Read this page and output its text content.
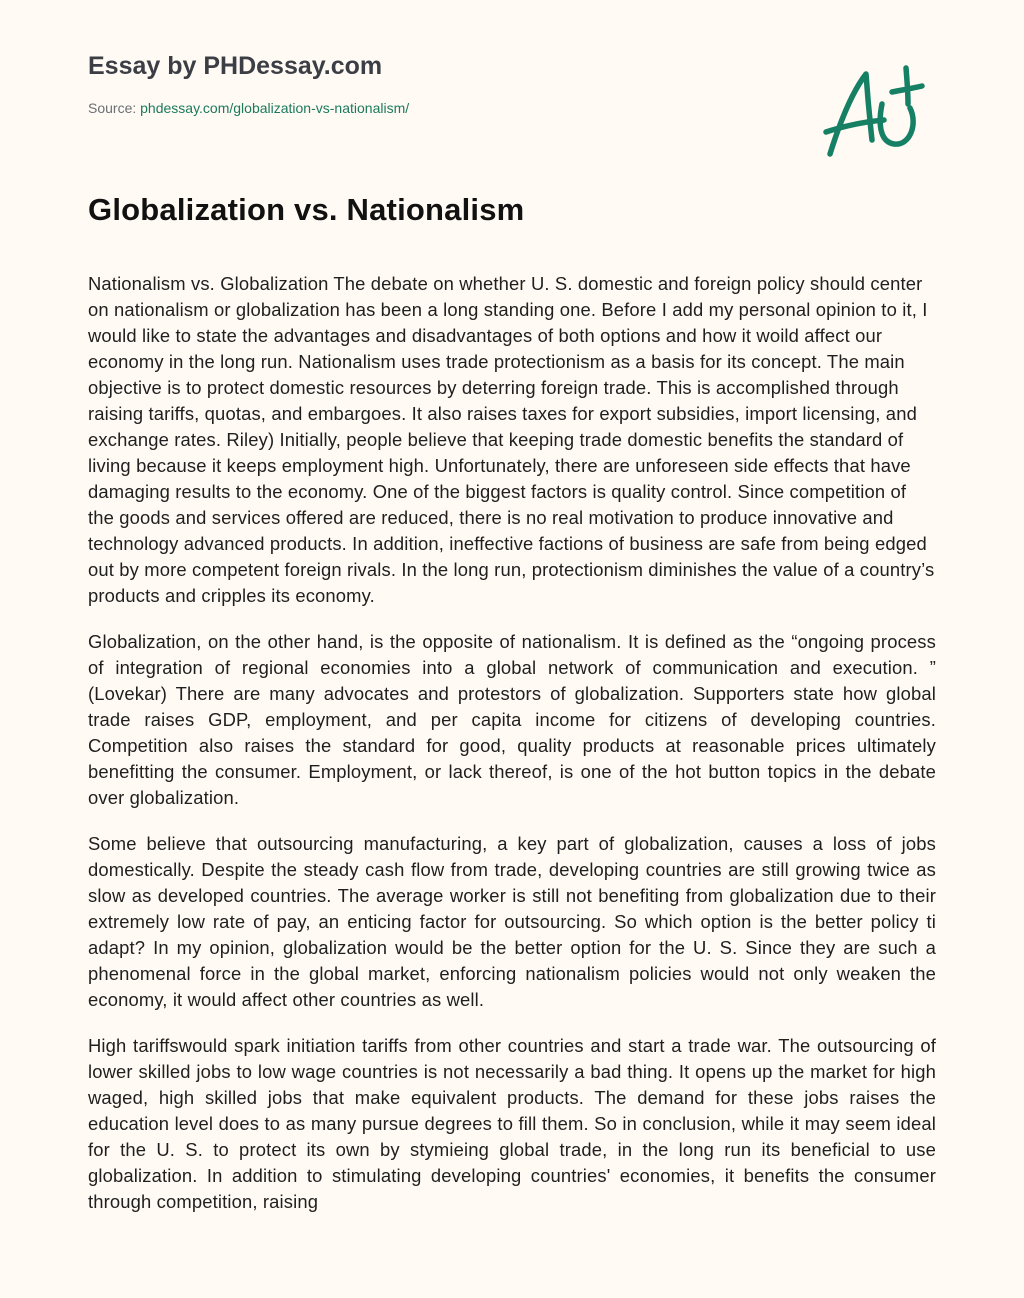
Essay by PHDessay.com
Source: phdessay.com/globalization-vs-nationalism/
Globalization vs. Nationalism

Nationalism vs. Globalization The debate on whether U. S. domestic and foreign policy should center on nationalism or globalization has been a long standing one. Before I add my personal opinion to it, I would like to state the advantages and disadvantages of both options and how it woild affect our economy in the long run. Nationalism uses trade protectionism as a basis for its concept. The main objective is to protect domestic resources by deterring foreign trade. This is accomplished through raising tariffs, quotas, and embargoes. It also raises taxes for export subsidies, import licensing, and exchange rates. Riley) Initially, people believe that keeping trade domestic benefits the standard of living because it keeps employment high. Unfortunately, there are unforeseen side effects that have damaging results to the economy. One of the biggest factors is quality control. Since competition of the goods and services offered are reduced, there is no real motivation to produce innovative and technology advanced products. In addition, ineffective factions of business are safe from being edged out by more competent foreign rivals. In the long run, protectionism diminishes the value of a country’s products and cripples its economy.

Globalization, on the other hand, is the opposite of nationalism. It is defined as the “ongoing process of integration of regional economies into a global network of communication and execution. ” (Lovekar) There are many advocates and protestors of globalization. Supporters state how global trade raises GDP, employment, and per capita income for citizens of developing countries. Competition also raises the standard for good, quality products at reasonable prices ultimately benefitting the consumer. Employment, or lack thereof, is one of the hot button topics in the debate over globalization.

Some believe that outsourcing manufacturing, a key part of globalization, causes a loss of jobs domestically. Despite the steady cash flow from trade, developing countries are still growing twice as slow as developed countries. The average worker is still not benefiting from globalization due to their extremely low rate of pay, an enticing factor for outsourcing. So which option is the better policy ti adapt? In my opinion, globalization would be the better option for the U. S. Since they are such a phenomenal force in the global market, enforcing nationalism policies would not only weaken the economy, it would affect other countries as well.

High tariffswould spark initiation tariffs from other countries and start a trade war. The outsourcing of lower skilled jobs to low wage countries is not necessarily a bad thing. It opens up the market for high waged, high skilled jobs that make equivalent products. The demand for these jobs raises the education level does to as many pursue degrees to fill them. So in conclusion, while it may seem ideal for the U. S. to protect its own by stymieing global trade, in the long run its beneficial to use globalization. In addition to stimulating developing countries' economies, it benefits the consumer through competition, raising
